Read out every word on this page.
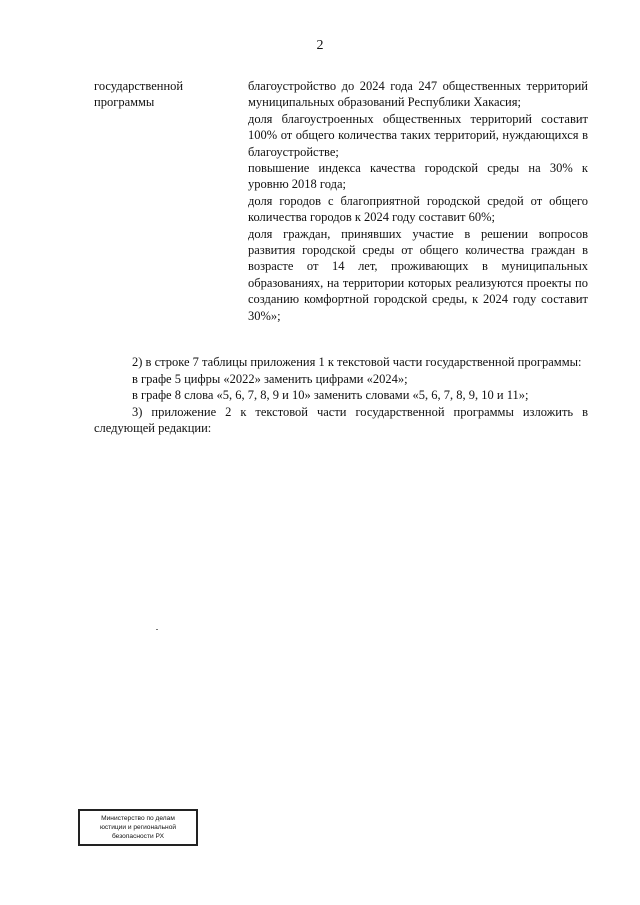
2
государственной программы

благоустройство до 2024 года 247 общественных территорий муниципальных образований Республики Хакасия;

доля благоустроенных общественных территорий составит 100% от общего количества таких территорий, нуждающихся в благоустройстве;

повышение индекса качества городской среды на 30% к уровню 2018 года;

доля городов с благоприятной городской средой от общего количества городов к 2024 году составит 60%;

доля граждан, принявших участие в решении вопросов развития городской среды от общего количества граждан в возрасте от 14 лет, проживающих в муниципальных образованиях, на территории которых реализуются проекты по созданию комфортной городской среды, к 2024 году составит 30%»;

2) в строке 7 таблицы приложения 1 к текстовой части государственной программы:

в графе 5 цифры «2022» заменить цифрами «2024»;

в графе 8 слова «5, 6, 7, 8, 9 и 10» заменить словами «5, 6, 7, 8, 9, 10 и 11»;

3) приложение 2 к текстовой части государственной программы изложить в следующей редакции:

Министерство по делам
юстиции и региональной
безопасности РХ
